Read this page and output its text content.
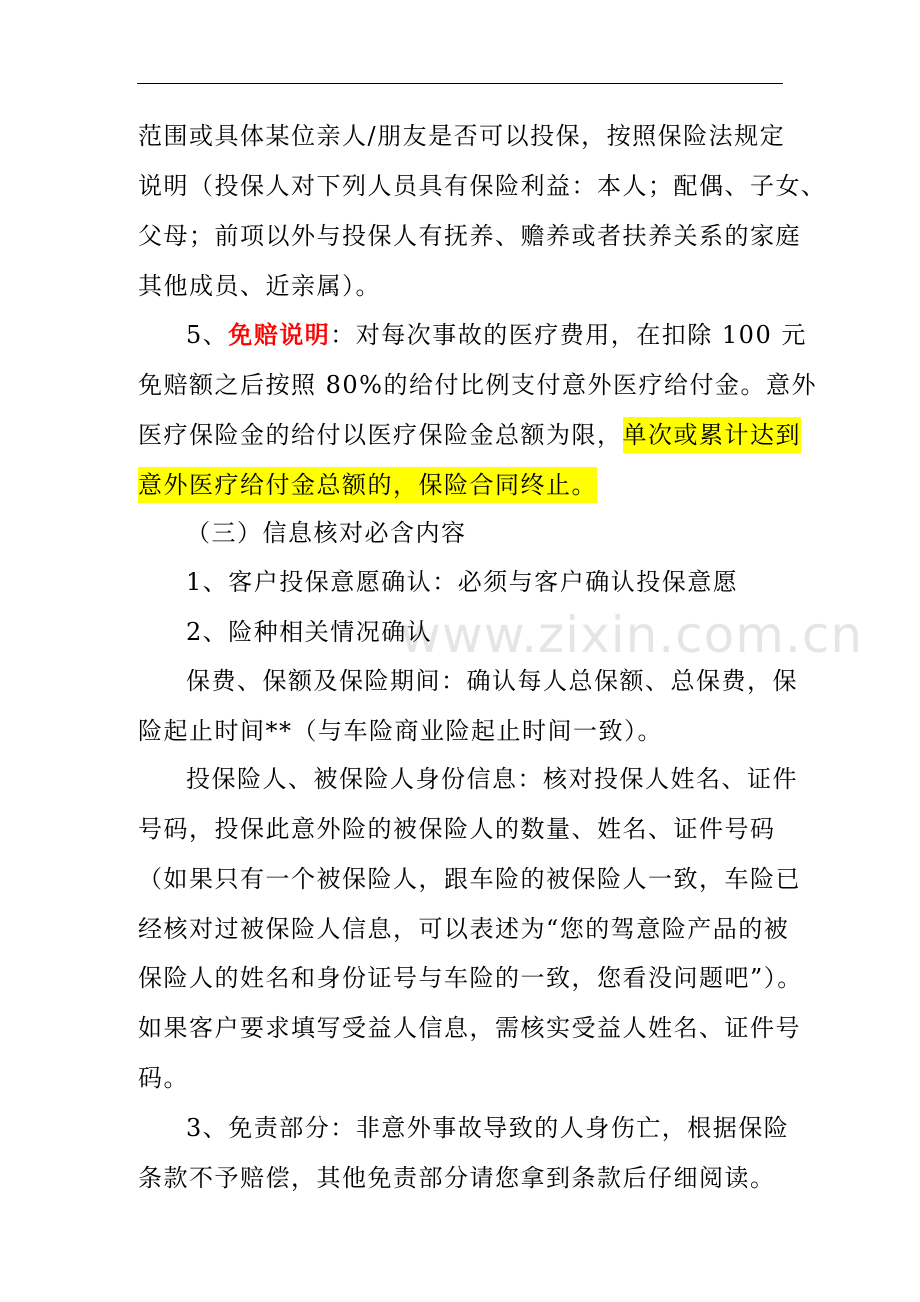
范围或具体某位亲人/朋友是否可以投保，按照保险法规定
说明（投保人对下列人员具有保险利益：本人；配偶、子女、
父母；前项以外与投保人有抚养、赡养或者扶养关系的家庭
其他成员、近亲属）。
5、免赔说明：对每次事故的医疗费用，在扣除 100 元
免赔额之后按照 80%的给付比例支付意外医疗给付金。意外
医疗保险金的给付以医疗保险金总额为限，单次或累计达到
意外医疗给付金总额的，保险合同终止。
（三）信息核对必含内容
1、客户投保意愿确认：必须与客户确认投保意愿
2、险种相关情况确认
保费、保额及保险期间：确认每人总保额、总保费，保
险起止时间**（与车险商业险起止时间一致）。
投保险人、被保险人身份信息：核对投保人姓名、证件
号码，投保此意外险的被保险人的数量、姓名、证件号码
（如果只有一个被保险人，跟车险的被保险人一致，车险已
经核对过被保险人信息，可以表述为“您的驾意险产品的被
保险人的姓名和身份证号与车险的一致，您看没问题吧”）。
如果客户要求填写受益人信息，需核实受益人姓名、证件号
码。
3、免责部分：非意外事故导致的人身伤亡，根据保险
条款不予赔偿，其他免责部分请您拿到条款后仔细阅读。
www.zixin.com.cn
